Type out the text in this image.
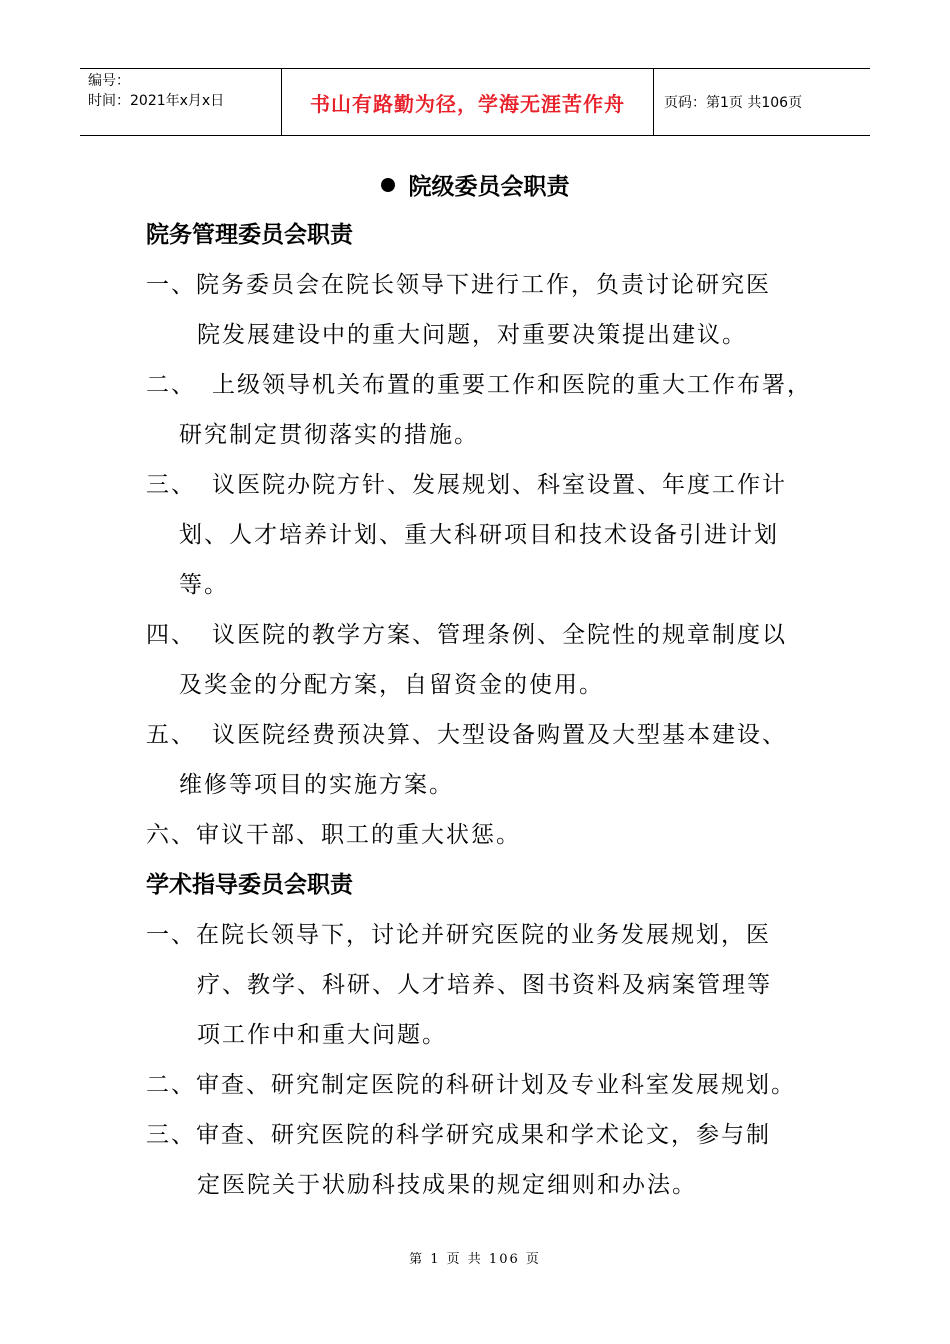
编号：
时间：2021年x月x日	书山有路勤为径，学海无涯苦作舟	页码：第1页 共106页
院级委员会职责
院务管理委员会职责
一、院务委员会在院长领导下进行工作，负责讨论研究医
院发展建设中的重大问题，对重要决策提出建议。
二、 上级领导机关布置的重要工作和医院的重大工作布署，
研究制定贯彻落实的措施。
三、 议医院办院方针、发展规划、科室设置、年度工作计
划、人才培养计划、重大科研项目和技术设备引进计划
等。
四、 议医院的教学方案、管理条例、全院性的规章制度以
及奖金的分配方案，自留资金的使用。
五、 议医院经费预决算、大型设备购置及大型基本建设、
维修等项目的实施方案。
六、审议干部、职工的重大状惩。
学术指导委员会职责
一、在院长领导下，讨论并研究医院的业务发展规划，医
疗、教学、科研、人才培养、图书资料及病案管理等
项工作中和重大问题。
二、审查、研究制定医院的科研计划及专业科室发展规划。
三、审查、研究医院的科学研究成果和学术论文，参与制
定医院关于状励科技成果的规定细则和办法。
第 1 页 共 106 页
